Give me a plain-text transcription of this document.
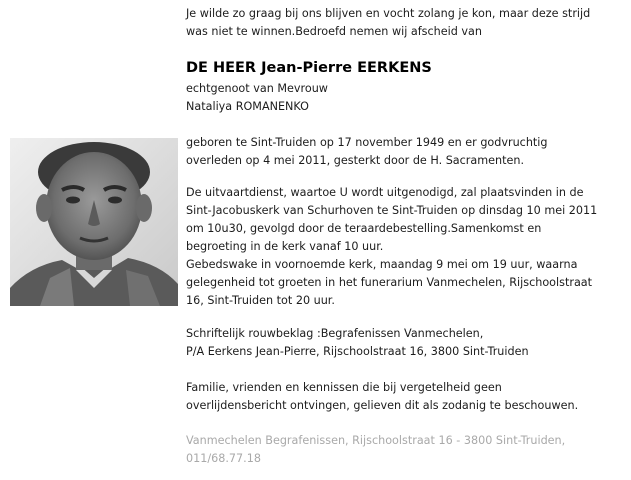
Je wilde zo graag bij ons blijven en vocht zolang je kon, maar deze strijd
was niet te winnen.Bedroefd nemen wij afscheid van
DE HEER Jean-Pierre EERKENS
echtgenoot van Mevrouw
Nataliya ROMANENKO
geboren te Sint-Truiden op 17 november 1949 en er godvruchtig
overleden op 4 mei 2011, gesterkt door de H. Sacramenten.
De uitvaartdienst, waartoe U wordt uitgenodigd, zal plaatsvinden in de
Sint-Jacobuskerk van Schurhoven te Sint-Truiden op dinsdag 10 mei 2011
om 10u30, gevolgd door de teraardebestelling.Samenkomst en
begroeting in de kerk vanaf 10 uur.
Gebedswake in voornoemde kerk, maandag 9 mei om 19 uur, waarna
gelegenheid tot groeten in het funerarium Vanmechelen, Rijschoolstraat
16, Sint-Truiden tot 20 uur.
Schriftelijk rouwbeklag :Begrafenissen Vanmechelen,
P/A Eerkens Jean-Pierre, Rijschoolstraat 16, 3800 Sint-Truiden
Familie, vrienden en kennissen die bij vergetelheid geen
overlijdensbericht ontvingen, gelieven dit als zodanig te beschouwen.
Vanmechelen Begrafenissen, Rijschoolstraat 16 - 3800 Sint-Truiden,
011/68.77.18
